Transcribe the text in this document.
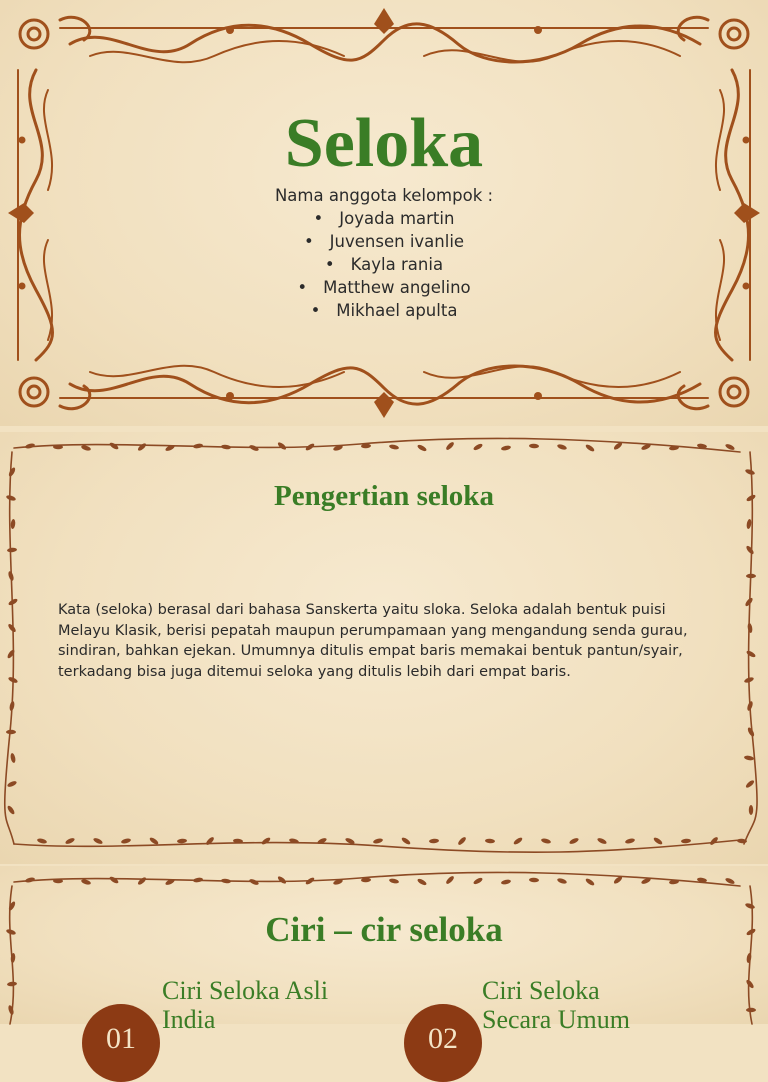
Seloka
Nama anggota kelompok :
• Joyada martin
• Juvensen ivanlie
• Kayla rania
• Matthew angelino
• Mikhael apulta
Pengertian seloka
Kata (seloka) berasal dari bahasa Sanskerta yaitu sloka. Seloka adalah bentuk puisi Melayu Klasik, berisi pepatah maupun perumpamaan yang mengandung senda gurau, sindiran, bahkan ejekan. Umumnya ditulis empat baris memakai bentuk pantun/syair, terkadang bisa juga ditemui seloka yang ditulis lebih dari empat baris.
Ciri – cir seloka
01
Ciri Seloka Asli India
02
Ciri Seloka Secara Umum
